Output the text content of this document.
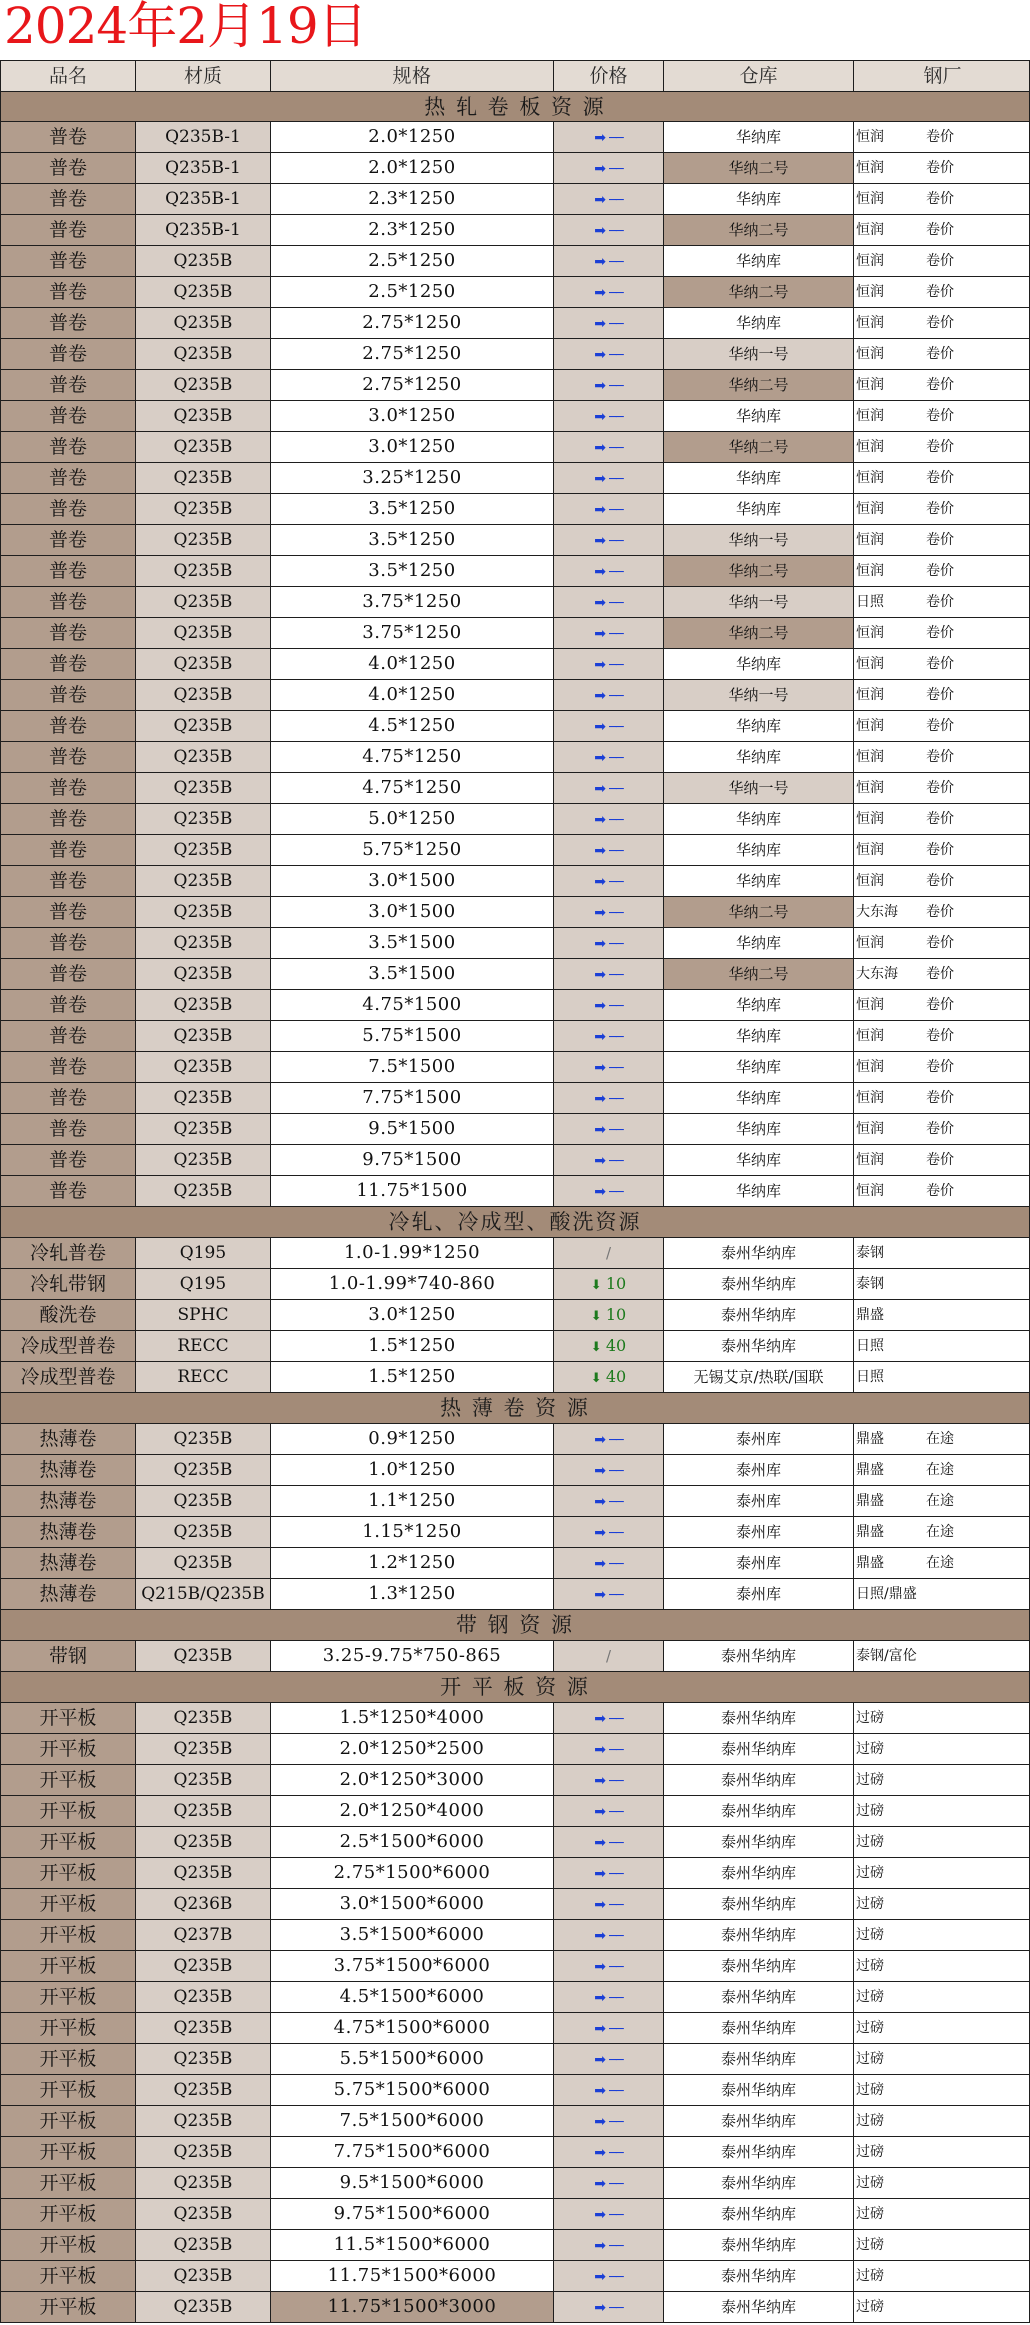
2024年2月19日
品名	材质	规格	价格	仓库	钢厂
热 轧 卷 板 资 源
普卷	Q235B-1	2.0*1250	➡ ──	华纳库	恒润	卷价
普卷	Q235B-1	2.0*1250	➡ ──	华纳二号	恒润	卷价
普卷	Q235B-1	2.3*1250	➡ ──	华纳库	恒润	卷价
普卷	Q235B-1	2.3*1250	➡ ──	华纳二号	恒润	卷价
普卷	Q235B	2.5*1250	➡ ──	华纳库	恒润	卷价
普卷	Q235B	2.5*1250	➡ ──	华纳二号	恒润	卷价
普卷	Q235B	2.75*1250	➡ ──	华纳库	恒润	卷价
普卷	Q235B	2.75*1250	➡ ──	华纳一号	恒润	卷价
普卷	Q235B	2.75*1250	➡ ──	华纳二号	恒润	卷价
普卷	Q235B	3.0*1250	➡ ──	华纳库	恒润	卷价
普卷	Q235B	3.0*1250	➡ ──	华纳二号	恒润	卷价
普卷	Q235B	3.25*1250	➡ ──	华纳库	恒润	卷价
普卷	Q235B	3.5*1250	➡ ──	华纳库	恒润	卷价
普卷	Q235B	3.5*1250	➡ ──	华纳一号	恒润	卷价
普卷	Q235B	3.5*1250	➡ ──	华纳二号	恒润	卷价
普卷	Q235B	3.75*1250	➡ ──	华纳一号	日照	卷价
普卷	Q235B	3.75*1250	➡ ──	华纳二号	恒润	卷价
普卷	Q235B	4.0*1250	➡ ──	华纳库	恒润	卷价
普卷	Q235B	4.0*1250	➡ ──	华纳一号	恒润	卷价
普卷	Q235B	4.5*1250	➡ ──	华纳库	恒润	卷价
普卷	Q235B	4.75*1250	➡ ──	华纳库	恒润	卷价
普卷	Q235B	4.75*1250	➡ ──	华纳一号	恒润	卷价
普卷	Q235B	5.0*1250	➡ ──	华纳库	恒润	卷价
普卷	Q235B	5.75*1250	➡ ──	华纳库	恒润	卷价
普卷	Q235B	3.0*1500	➡ ──	华纳库	恒润	卷价
普卷	Q235B	3.0*1500	➡ ──	华纳二号	大东海 卷价
普卷	Q235B	3.5*1500	➡ ──	华纳库	恒润	卷价
普卷	Q235B	3.5*1500	➡ ──	华纳二号	大东海 卷价
普卷	Q235B	4.75*1500	➡ ──	华纳库	恒润	卷价
普卷	Q235B	5.75*1500	➡ ──	华纳库	恒润	卷价
普卷	Q235B	7.5*1500	➡ ──	华纳库	恒润	卷价
普卷	Q235B	7.75*1500	➡ ──	华纳库	恒润	卷价
普卷	Q235B	9.5*1500	➡ ──	华纳库	恒润	卷价
普卷	Q235B	9.75*1500	➡ ──	华纳库	恒润	卷价
普卷	Q235B	11.75*1500	➡ ──	华纳库	恒润	卷价
冷轧、冷成型、酸洗资源
冷轧普卷	Q195	1.0-1.99*1250	/	泰州华纳库	泰钢
冷轧带钢	Q195	1.0-1.99*740-860	⬇ 10	泰州华纳库	泰钢
酸洗卷	SPHC	3.0*1250	⬇ 10	泰州华纳库	鼎盛
冷成型普卷	RECC	1.5*1250	⬇ 40	泰州华纳库	日照
冷成型普卷	RECC	1.5*1250	⬇ 40	无锡艾京/热联/国联	日照
热 薄 卷 资 源
热薄卷	Q235B	0.9*1250	➡ ──	泰州库	鼎盛	在途
热薄卷	Q235B	1.0*1250	➡ ──	泰州库	鼎盛	在途
热薄卷	Q235B	1.1*1250	➡ ──	泰州库	鼎盛	在途
热薄卷	Q235B	1.15*1250	➡ ──	泰州库	鼎盛	在途
热薄卷	Q235B	1.2*1250	➡ ──	泰州库	鼎盛	在途
热薄卷	Q215B/Q235B	1.3*1250	➡ ──	泰州库	日照/鼎盛
带 钢 资 源
带钢	Q235B	3.25-9.75*750-865	/	泰州华纳库	泰钢/富伦
开 平 板 资 源
开平板	Q235B	1.5*1250*4000	➡ ──	泰州华纳库	过磅
开平板	Q235B	2.0*1250*2500	➡ ──	泰州华纳库	过磅
开平板	Q235B	2.0*1250*3000	➡ ──	泰州华纳库	过磅
开平板	Q235B	2.0*1250*4000	➡ ──	泰州华纳库	过磅
开平板	Q235B	2.5*1500*6000	➡ ──	泰州华纳库	过磅
开平板	Q235B	2.75*1500*6000	➡ ──	泰州华纳库	过磅
开平板	Q236B	3.0*1500*6000	➡ ──	泰州华纳库	过磅
开平板	Q237B	3.5*1500*6000	➡ ──	泰州华纳库	过磅
开平板	Q235B	3.75*1500*6000	➡ ──	泰州华纳库	过磅
开平板	Q235B	4.5*1500*6000	➡ ──	泰州华纳库	过磅
开平板	Q235B	4.75*1500*6000	➡ ──	泰州华纳库	过磅
开平板	Q235B	5.5*1500*6000	➡ ──	泰州华纳库	过磅
开平板	Q235B	5.75*1500*6000	➡ ──	泰州华纳库	过磅
开平板	Q235B	7.5*1500*6000	➡ ──	泰州华纳库	过磅
开平板	Q235B	7.75*1500*6000	➡ ──	泰州华纳库	过磅
开平板	Q235B	9.5*1500*6000	➡ ──	泰州华纳库	过磅
开平板	Q235B	9.75*1500*6000	➡ ──	泰州华纳库	过磅
开平板	Q235B	11.5*1500*6000	➡ ──	泰州华纳库	过磅
开平板	Q235B	11.75*1500*6000	➡ ──	泰州华纳库	过磅
开平板	Q235B	11.75*1500*3000	➡ ──	泰州华纳库	过磅
